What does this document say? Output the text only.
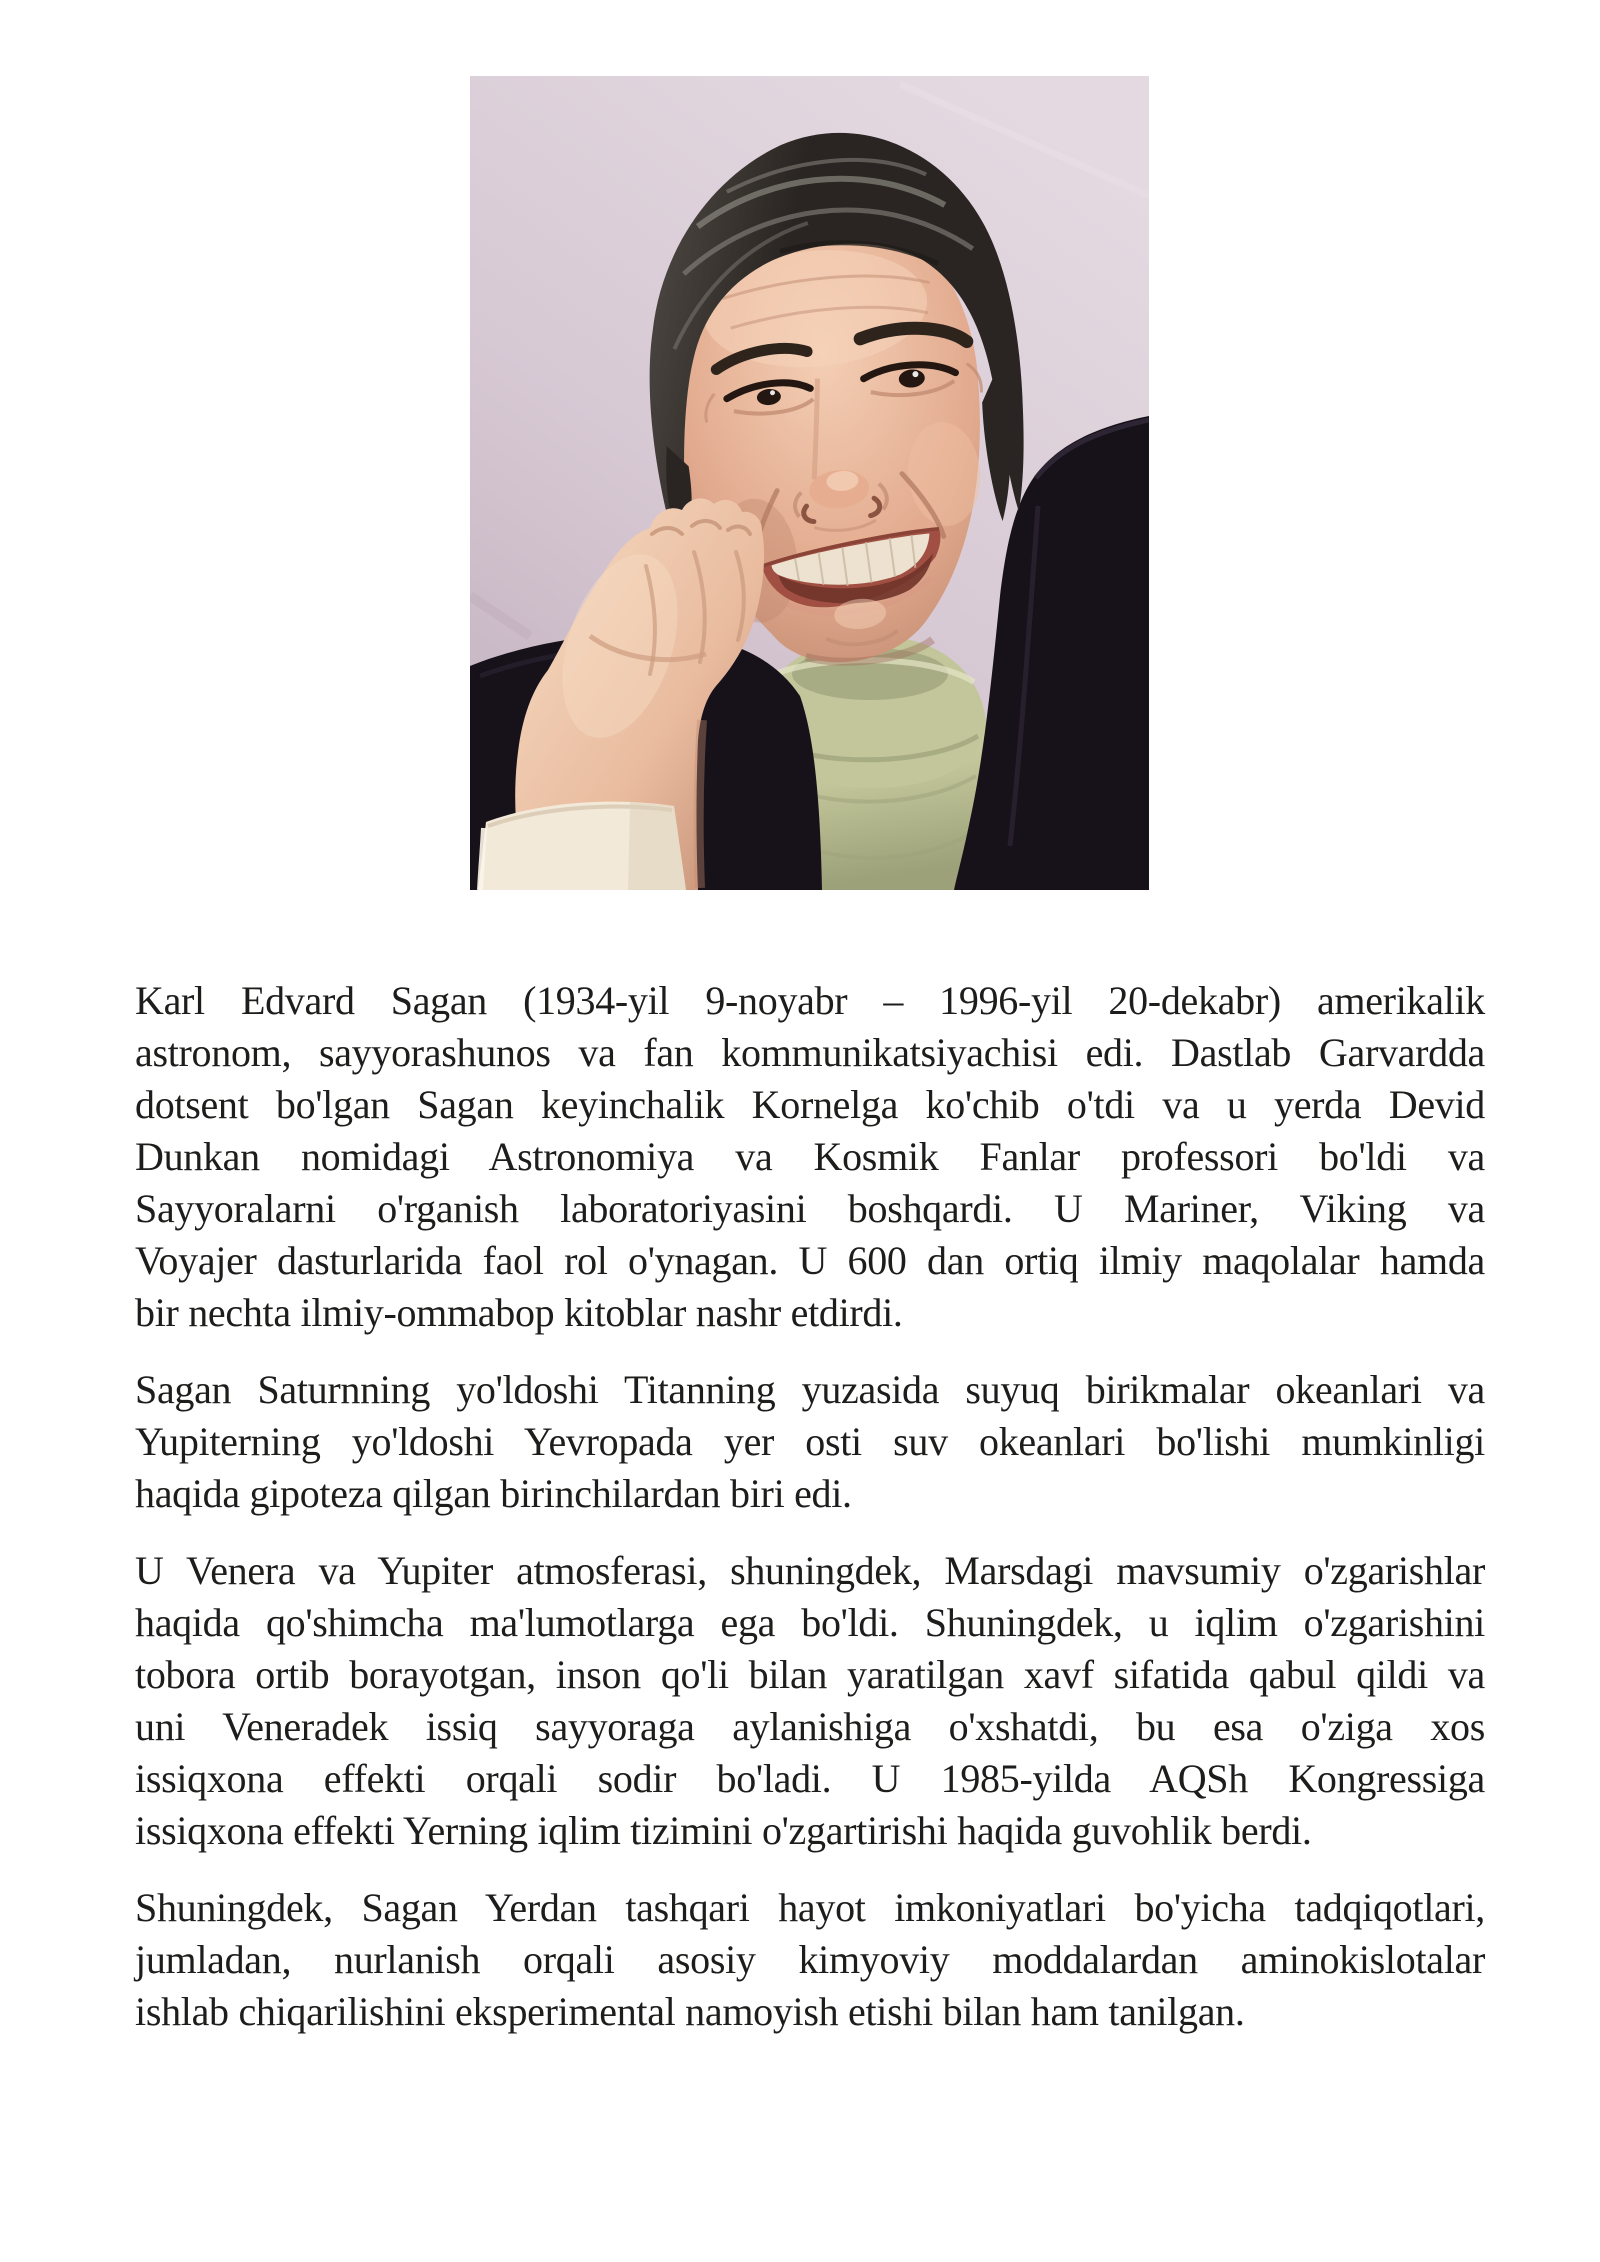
Karl Edvard Sagan (1934-yil 9-noyabr – 1996-yil 20-dekabr) amerikalik
astronom, sayyorashunos va fan kommunikatsiyachisi edi. Dastlab Garvardda
dotsent bo'lgan Sagan keyinchalik Kornelga ko'chib o'tdi va u yerda Devid
Dunkan nomidagi Astronomiya va Kosmik Fanlar professori bo'ldi va
Sayyoralarni o'rganish laboratoriyasini boshqardi. U Mariner, Viking va
Voyajer dasturlarida faol rol o'ynagan. U 600 dan ortiq ilmiy maqolalar hamda
bir nechta ilmiy-ommabop kitoblar nashr etdirdi.
Sagan Saturnning yo'ldoshi Titanning yuzasida suyuq birikmalar okeanlari va
Yupiterning yo'ldoshi Yevropada yer osti suv okeanlari bo'lishi mumkinligi
haqida gipoteza qilgan birinchilardan biri edi.
U Venera va Yupiter atmosferasi, shuningdek, Marsdagi mavsumiy o'zgarishlar
haqida qo'shimcha ma'lumotlarga ega bo'ldi. Shuningdek, u iqlim o'zgarishini
tobora ortib borayotgan, inson qo'li bilan yaratilgan xavf sifatida qabul qildi va
uni Veneradek issiq sayyoraga aylanishiga o'xshatdi, bu esa o'ziga xos
issiqxona effekti orqali sodir bo'ladi. U 1985-yilda AQSh Kongressiga
issiqxona effekti Yerning iqlim tizimini o'zgartirishi haqida guvohlik berdi.
Shuningdek, Sagan Yerdan tashqari hayot imkoniyatlari bo'yicha tadqiqotlari,
jumladan, nurlanish orqali asosiy kimyoviy moddalardan aminokislotalar
ishlab chiqarilishini eksperimental namoyish etishi bilan ham tanilgan.
